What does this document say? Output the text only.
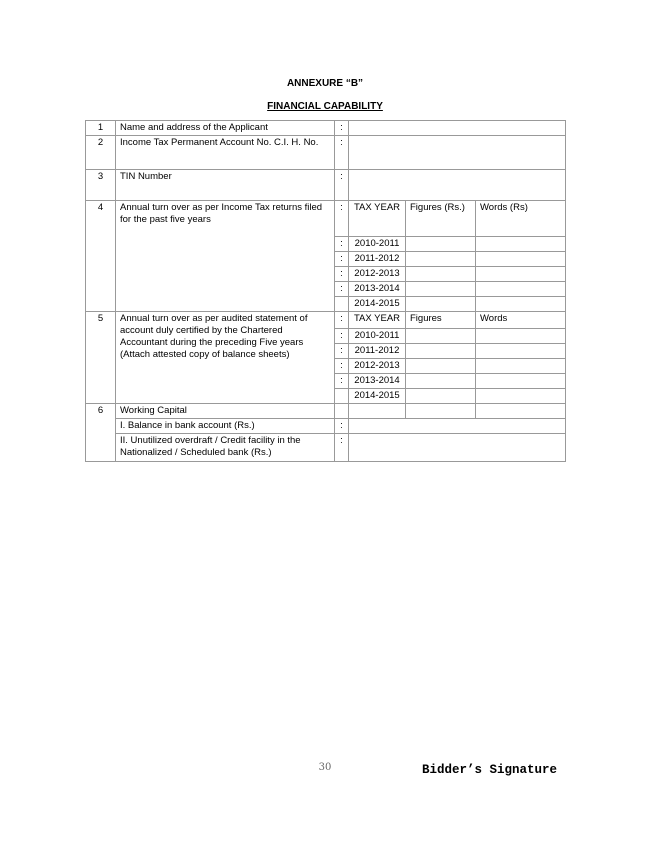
ANNEXURE “B”
FINANCIAL CAPABILITY
1	Name and address of the Applicant	:			
2	Income Tax Permanent Account No. C.I. H. No.	:			
3	TIN Number	:			
4	Annual turn over as per Income Tax returns filed for the past five years	:	TAX YEAR	Figures (Rs.)	Words (Rs)
		:	2010-2011		
		:	2011-2012		
		:	2012-2013		
		:	2013-2014		
			2014-2015		
5	Annual turn over as per audited statement of account duly certified by the Chartered Accountant during the preceding Five years (Attach attested copy of balance sheets)	:	TAX YEAR	Figures	Words
		:	2010-2011		
		:	2011-2012		
		:	2012-2013		
		:	2013-2014		
			2014-2015		
6	Working Capital				
	I. Balance in bank account (Rs.)	:			
	II. Unutilized overdraft / Credit facility in the Nationalized / Scheduled bank (Rs.)	:			
30	Bidder’s Signature
